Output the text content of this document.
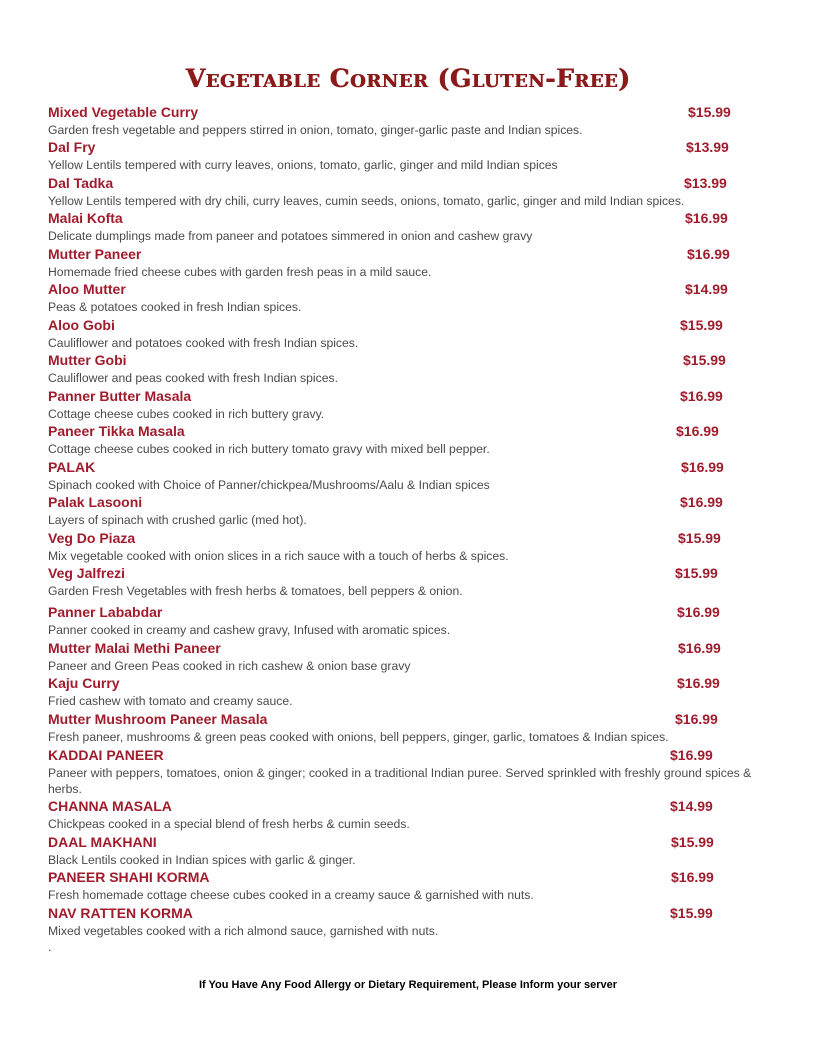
Vegetable Corner (Gluten-Free)
Mixed Vegetable Curry	$15.99
Garden fresh vegetable and peppers stirred in onion, tomato, ginger-garlic paste and Indian spices.
Dal Fry	$13.99
Yellow Lentils tempered with curry leaves, onions, tomato, garlic, ginger and mild Indian spices
Dal Tadka	$13.99
Yellow Lentils tempered with dry chili, curry leaves, cumin seeds, onions, tomato, garlic, ginger and mild Indian spices.
Malai Kofta	$16.99
Delicate dumplings made from paneer and potatoes simmered in onion and cashew gravy
Mutter Paneer	$16.99
Homemade fried cheese cubes with garden fresh peas in a mild sauce.
Aloo Mutter	$14.99
Peas & potatoes cooked in fresh Indian spices.
Aloo Gobi	$15.99
Cauliflower and potatoes cooked with fresh Indian spices.
Mutter Gobi	$15.99
Cauliflower and peas cooked with fresh Indian spices.
Panner Butter Masala	$16.99
Cottage cheese cubes cooked in rich buttery gravy.
Paneer Tikka Masala	$16.99
Cottage cheese cubes cooked in rich buttery tomato gravy with mixed bell pepper.
PALAK	$16.99
Spinach cooked with Choice of Panner/chickpea/Mushrooms/Aalu & Indian spices
Palak Lasooni	$16.99
Layers of spinach with crushed garlic (med hot).
Veg Do Piaza	$15.99
Mix vegetable cooked with onion slices in a rich sauce with a touch of herbs & spices.
Veg Jalfrezi	$15.99
Garden Fresh Vegetables with fresh herbs & tomatoes, bell peppers & onion.
Panner Lababdar	$16.99
Panner cooked in creamy and cashew gravy, Infused with aromatic spices.
Mutter Malai Methi Paneer	$16.99
Paneer and Green Peas cooked in rich cashew & onion base gravy
Kaju Curry	$16.99
Fried cashew with tomato and creamy sauce.
Mutter Mushroom Paneer Masala	$16.99
Fresh paneer, mushrooms & green peas cooked with onions, bell peppers, ginger, garlic, tomatoes & Indian spices.
KADDAI PANEER	$16.99
Paneer with peppers, tomatoes, onion & ginger; cooked in a traditional Indian puree. Served sprinkled with freshly ground spices & herbs.
CHANNA MASALA	$14.99
Chickpeas cooked in a special blend of fresh herbs & cumin seeds.
DAAL MAKHANI	$15.99
Black Lentils cooked in Indian spices with garlic & ginger.
PANEER SHAHI KORMA	$16.99
Fresh homemade cottage cheese cubes cooked in a creamy sauce & garnished with nuts.
NAV RATTEN KORMA	$15.99
Mixed vegetables cooked with a rich almond sauce, garnished with nuts.
.
If You Have Any Food Allergy or Dietary Requirement, Please Inform your server
